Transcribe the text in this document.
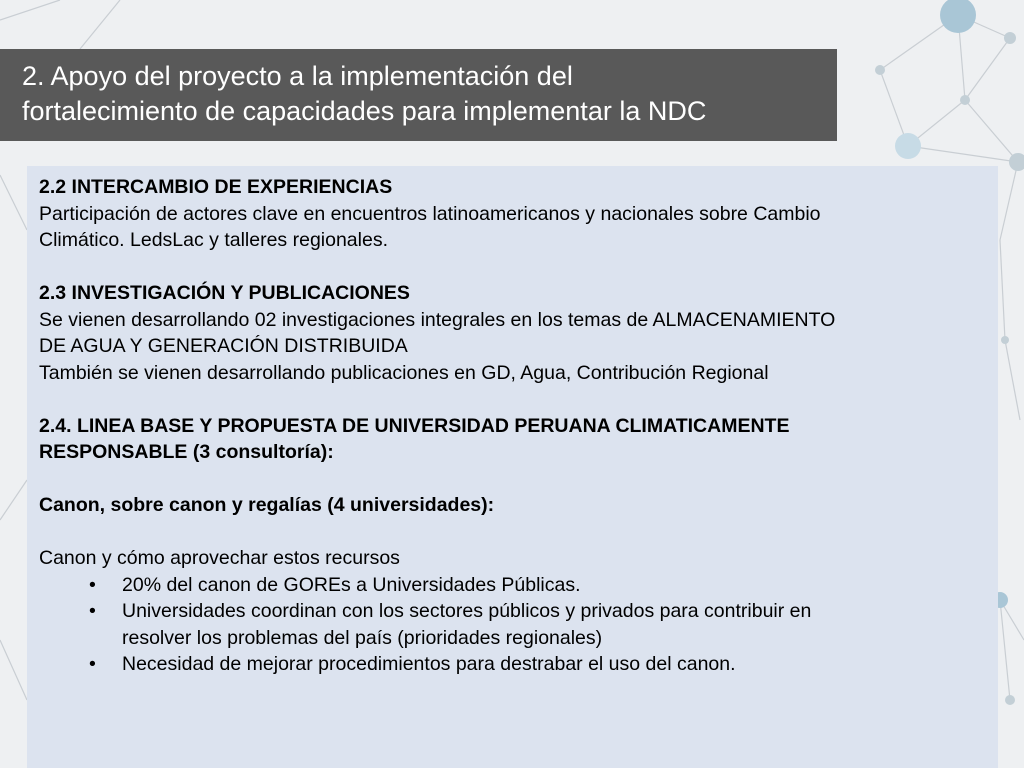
2. Apoyo del proyecto a la implementación del
fortalecimiento de capacidades para implementar la NDC
2.2 INTERCAMBIO DE EXPERIENCIAS
Participación de actores clave en encuentros latinoamericanos y nacionales sobre Cambio
Climático. LedsLac y talleres regionales.
2.3 INVESTIGACIÓN Y PUBLICACIONES
Se vienen desarrollando 02 investigaciones integrales en los temas de ALMACENAMIENTO
DE AGUA Y GENERACIÓN DISTRIBUIDA
También se vienen desarrollando publicaciones en GD, Agua, Contribución Regional
2.4. LINEA BASE Y PROPUESTA DE UNIVERSIDAD PERUANA CLIMATICAMENTE
RESPONSABLE (3 consultoría):
Canon, sobre canon y regalías (4 universidades):
Canon y cómo aprovechar estos recursos
• 20% del canon de GOREs a Universidades Públicas.
• Universidades coordinan con los sectores públicos y privados para contribuir en
resolver los problemas del país (prioridades regionales)
• Necesidad de mejorar procedimientos para destrabar el uso del canon.
